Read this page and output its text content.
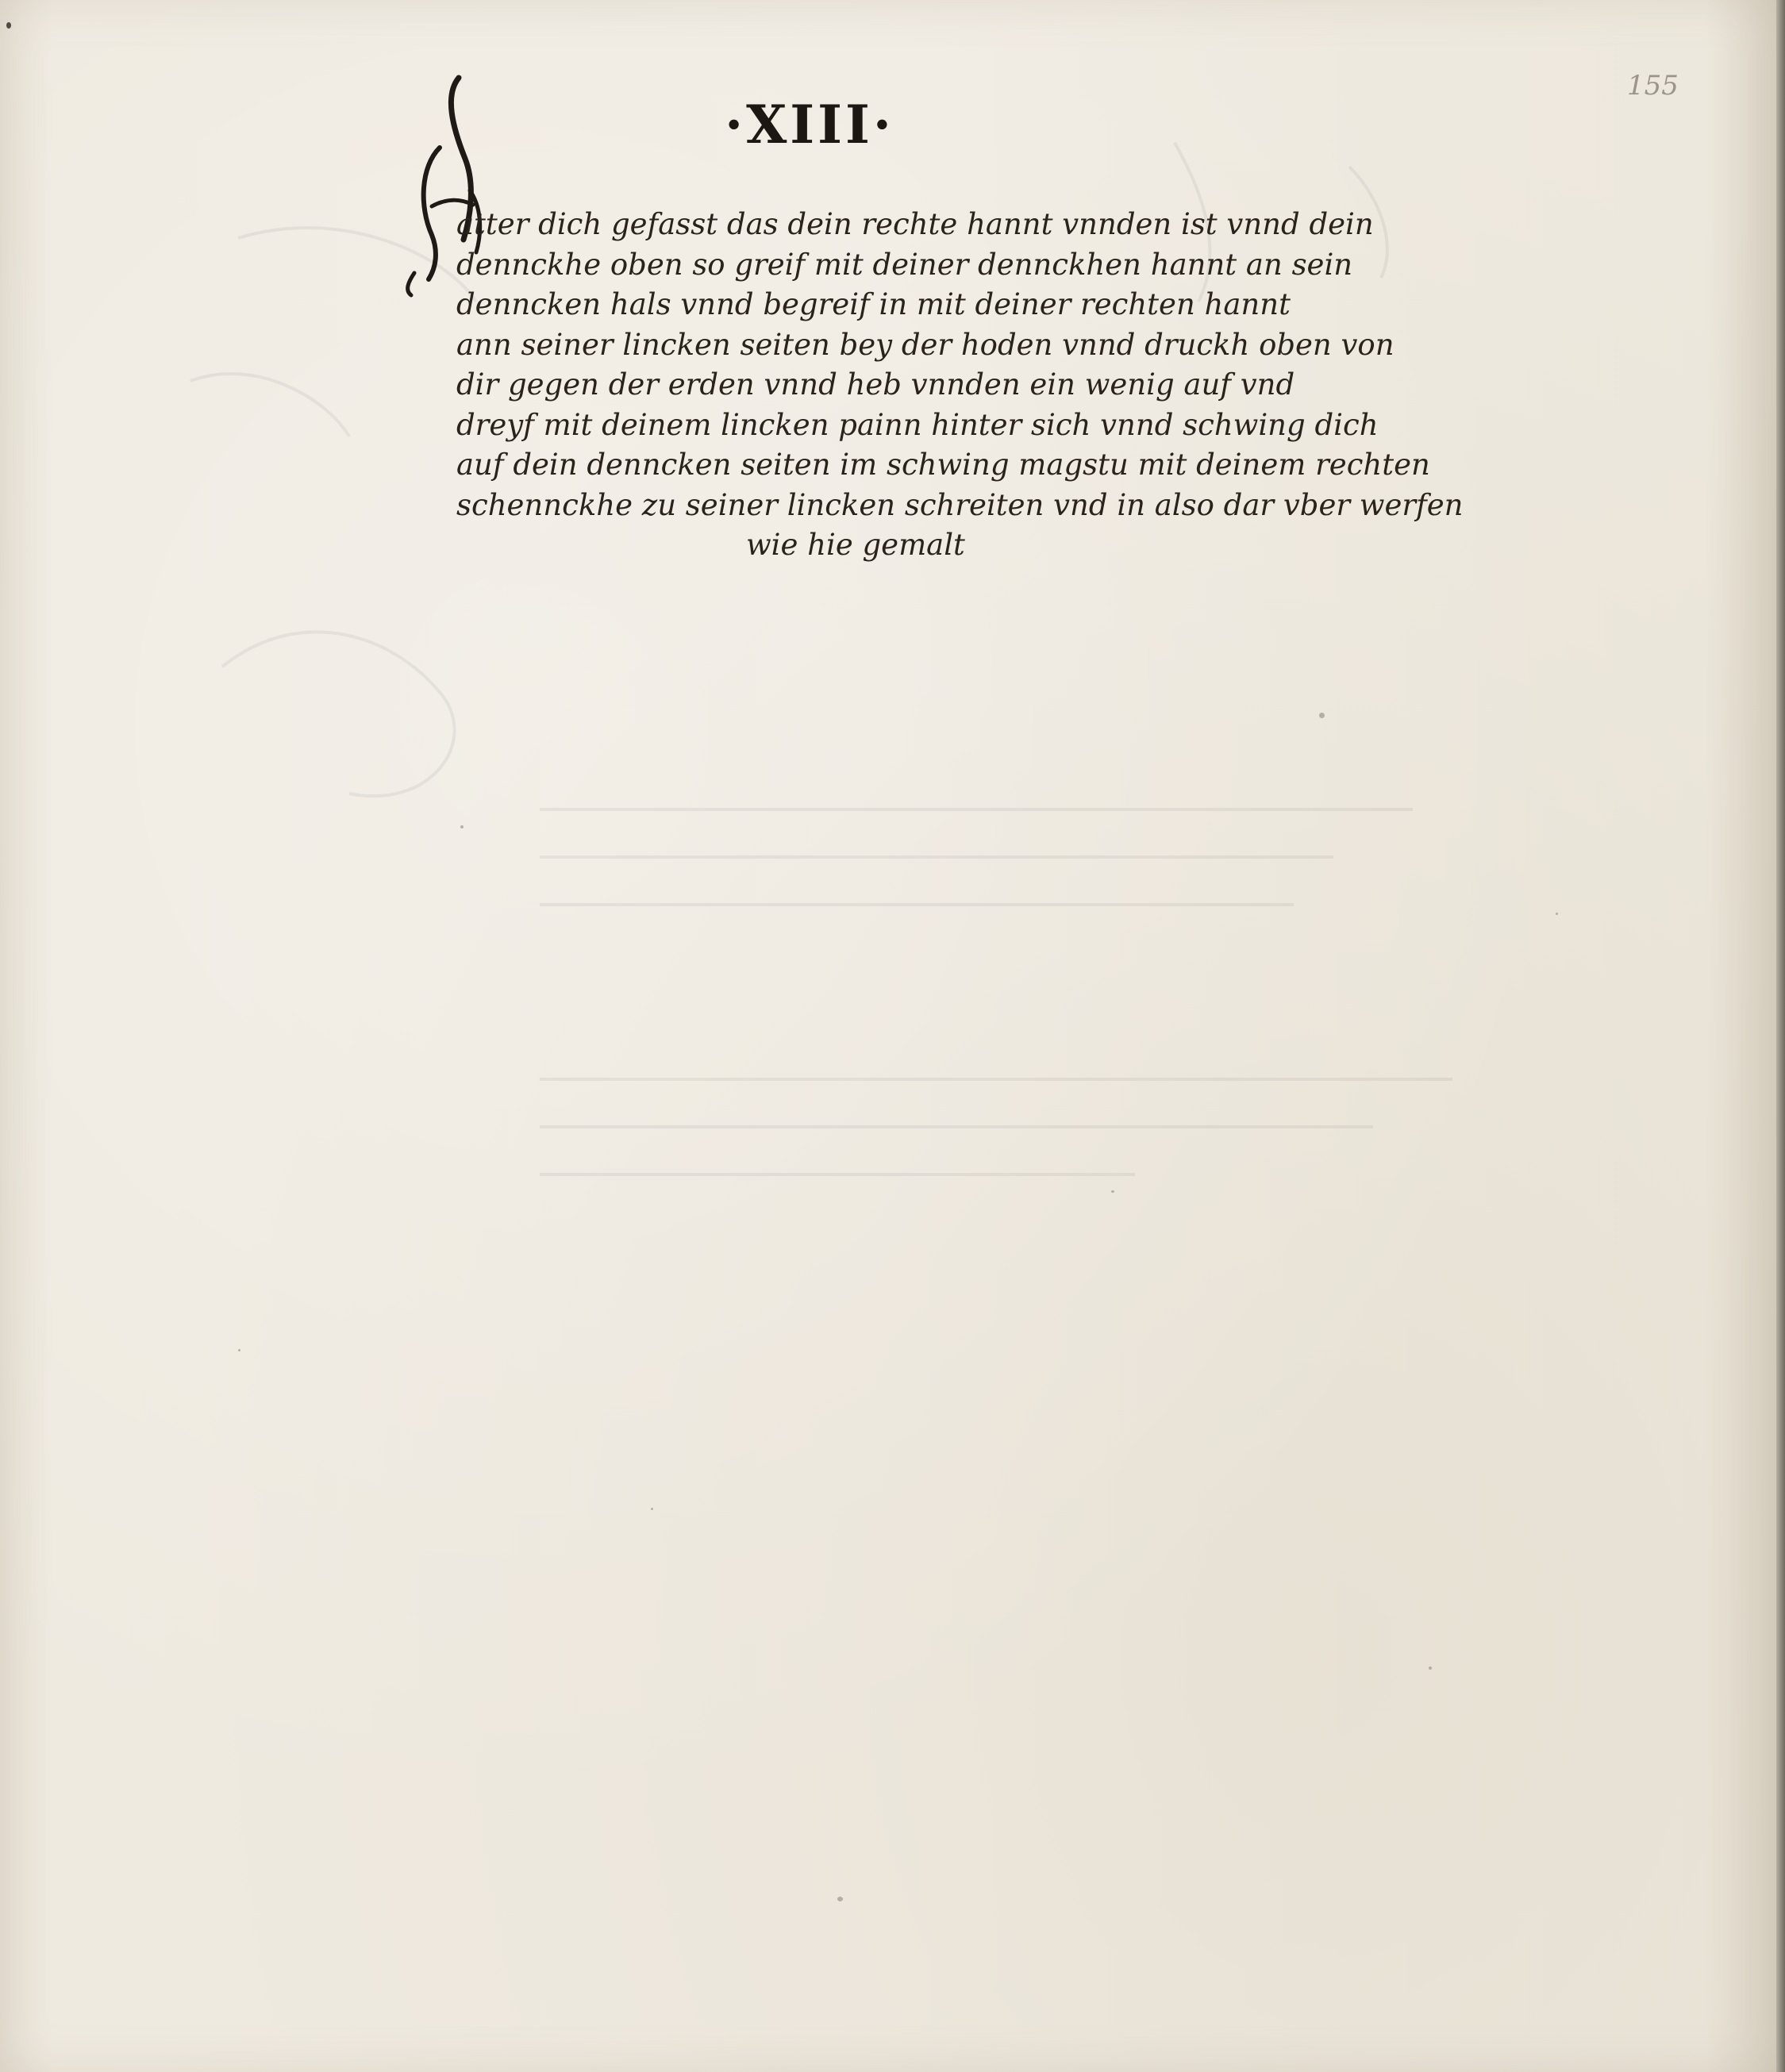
155
·XIII·
atter dich gefasst das dein rechte hannt vnnden ist vnnd dein
dennckhe oben so greif mit deiner dennckhen hannt an sein
denncken hals vnnd begreif in mit deiner rechten hannt
ann seiner lincken seiten bey der hoden vnnd druckh oben von
dir gegen der erden vnnd heb vnnden ein wenig auf vnd
dreyf mit deinem lincken painn hinter sich vnnd schwing dich
auf dein denncken seiten im schwing magstu mit deinem rechten
schennckhe zu seiner lincken schreiten vnd in also dar vber werfen
wie hie gemalt
